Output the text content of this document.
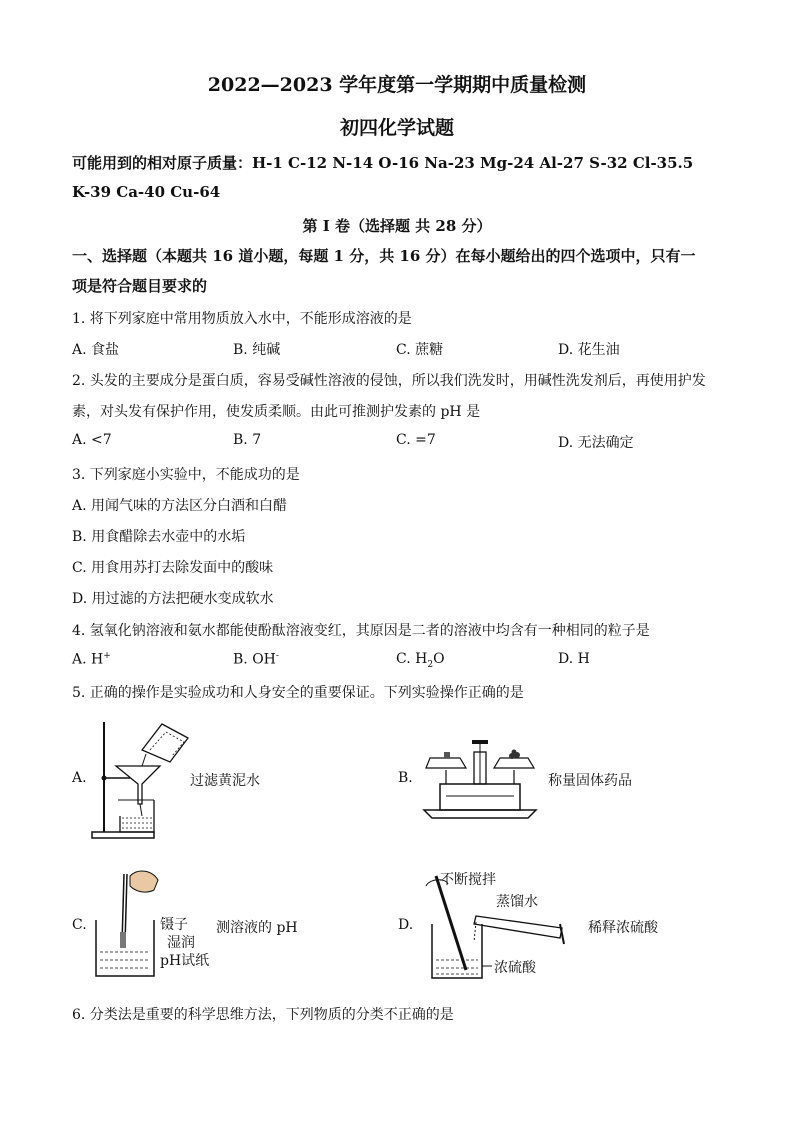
2022—2023 学年度第一学期期中质量检测
初四化学试题
可能用到的相对原子质量：H-1 C-12 N-14 O-16 Na-23 Mg-24 Al-27 S-32 Cl-35.5
K-39 Ca-40 Cu-64
第 I 卷（选择题 共 28 分）
一、选择题（本题共 16 道小题，每题 1 分，共 16 分）在每小题给出的四个选项中，只有一
项是符合题目要求的
1. 将下列家庭中常用物质放入水中，不能形成溶液的是
A. 食盐	B. 纯碱	C. 蔗糖	D. 花生油
2. 头发的主要成分是蛋白质，容易受碱性溶液的侵蚀，所以我们洗发时，用碱性洗发剂后，再使用护发
素，对头发有保护作用，使发质柔顺。由此可推测护发素的 pH 是
A. <7	B. 7	C. =7	D. 无法确定
3. 下列家庭小实验中，不能成功的是
A. 用闻气味的方法区分白酒和白醋
B. 用食醋除去水壶中的水垢
C. 用食用苏打去除发面中的酸味
D. 用过滤的方法把硬水变成软水
4. 氢氧化钠溶液和氨水都能使酚酞溶液变红，其原因是二者的溶液中均含有一种相同的粒子是
A. H+	B. OH-	C. $H_2O$	D. H
5. 正确的操作是实验成功和人身安全的重要保证。下列实验操作正确的是
A.	过滤黄泥水	B.	称量固体药品
C.	镊子
湿润
pH试纸
测溶液的 pH	D.
不断搅拌
蒸馏水
浓硫酸
稀释浓硫酸
6. 分类法是重要的科学思维方法，下列物质的分类不正确的是
